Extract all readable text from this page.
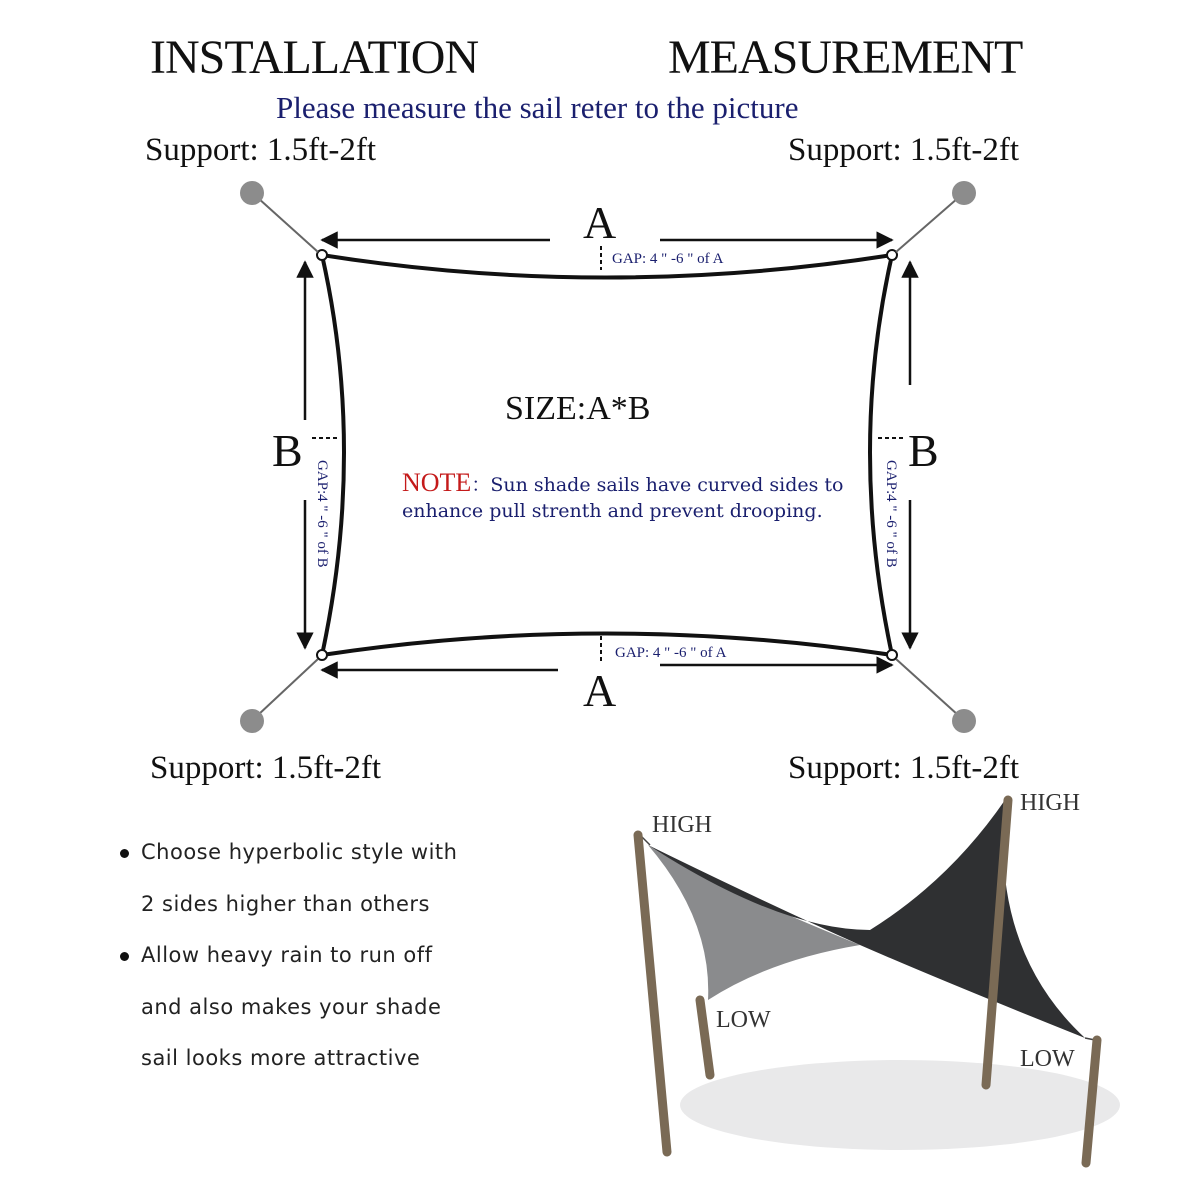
GAP:4 " -6 " of B	GAP:4 " -6 " of B
INSTALLATION	MEASUREMENT
Please measure the sail reter to the picture
Support: 1.5ft-2ft	Support: 1.5ft-2ft
Support: 1.5ft-2ft	Support: 1.5ft-2ft
A
A
B	B
GAP: 4 " -6 " of A
GAP: 4 " -6 " of A
SIZE:A*B
NOTE：Sun shade sails have curved sides to
enhance pull strenth and prevent drooping.
Choose hyperbolic style with
2 sides higher than others
Allow heavy rain to run off
and also makes your shade
sail looks more attractive
HIGH
HIGH
LOW
LOW
